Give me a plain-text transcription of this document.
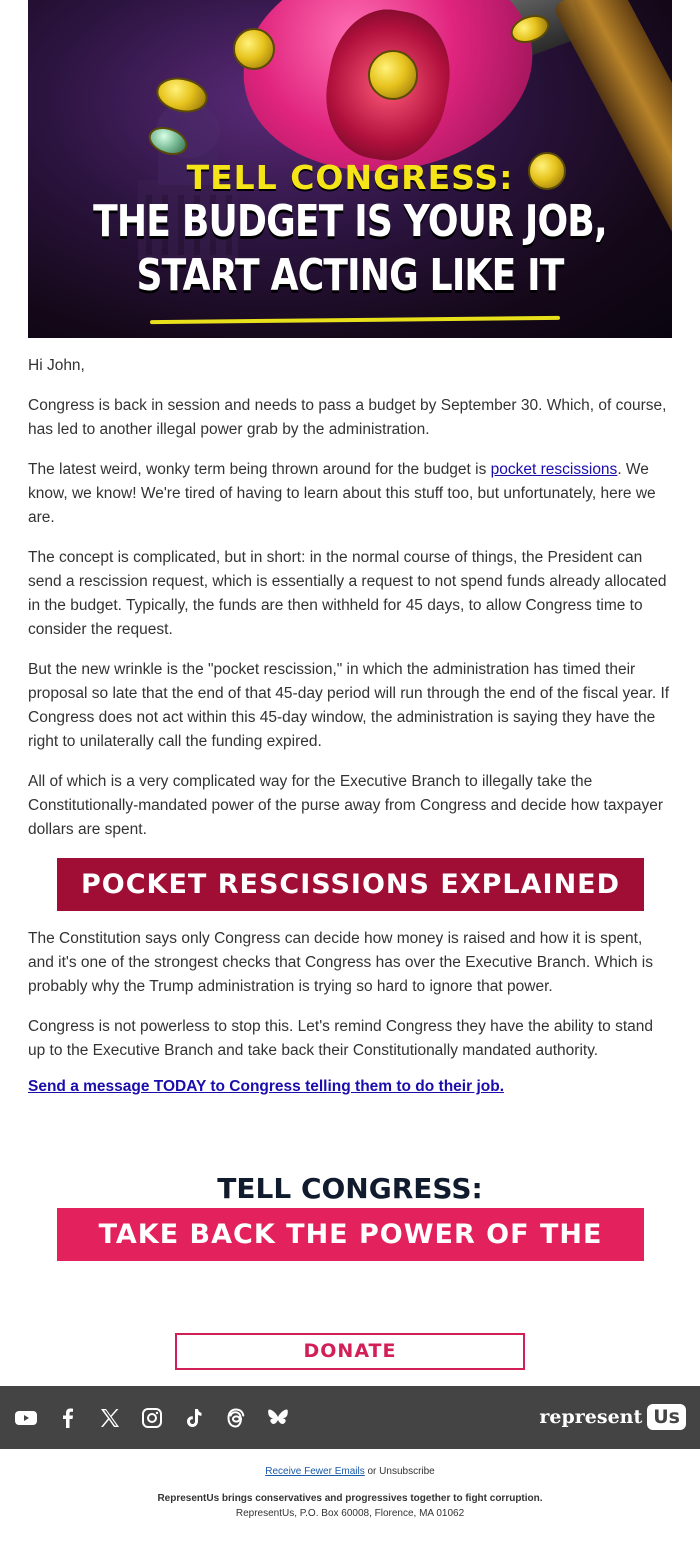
TELL CONGRESS:
THE BUDGET IS YOUR JOB,
START ACTING LIKE IT

Hi John,

Congress is back in session and needs to pass a budget by September 30. Which, of course, has led to another illegal power grab by the administration.

The latest weird, wonky term being thrown around for the budget is pocket rescissions. We know, we know! We're tired of having to learn about this stuff too, but unfortunately, here we are.

The concept is complicated, but in short: in the normal course of things, the President can send a rescission request, which is essentially a request to not spend funds already allocated in the budget. Typically, the funds are then withheld for 45 days, to allow Congress time to consider the request.

But the new wrinkle is the "pocket rescission," in which the administration has timed their proposal so late that the end of that 45-day period will run through the end of the fiscal year. If Congress does not act within this 45-day window, the administration is saying they have the right to unilaterally call the funding expired.

All of which is a very complicated way for the Executive Branch to illegally take the Constitutionally-mandated power of the purse away from Congress and decide how taxpayer dollars are spent.

POCKET RESCISSIONS EXPLAINED

The Constitution says only Congress can decide how money is raised and how it is spent, and it's one of the strongest checks that Congress has over the Executive Branch. Which is probably why the Trump administration is trying so hard to ignore that power.

Congress is not powerless to stop this. Let's remind Congress they have the ability to stand up to the Executive Branch and take back their Constitutionally mandated authority.

Send a message TODAY to Congress telling them to do their job.
TELL CONGRESS:
TAKE BACK THE POWER OF THE PURSE
DONATE
represent Us
Receive Fewer Emails or Unsubscribe
RepresentUs brings conservatives and progressives together to fight corruption.
RepresentUs, P.O. Box 60008, Florence, MA 01062
